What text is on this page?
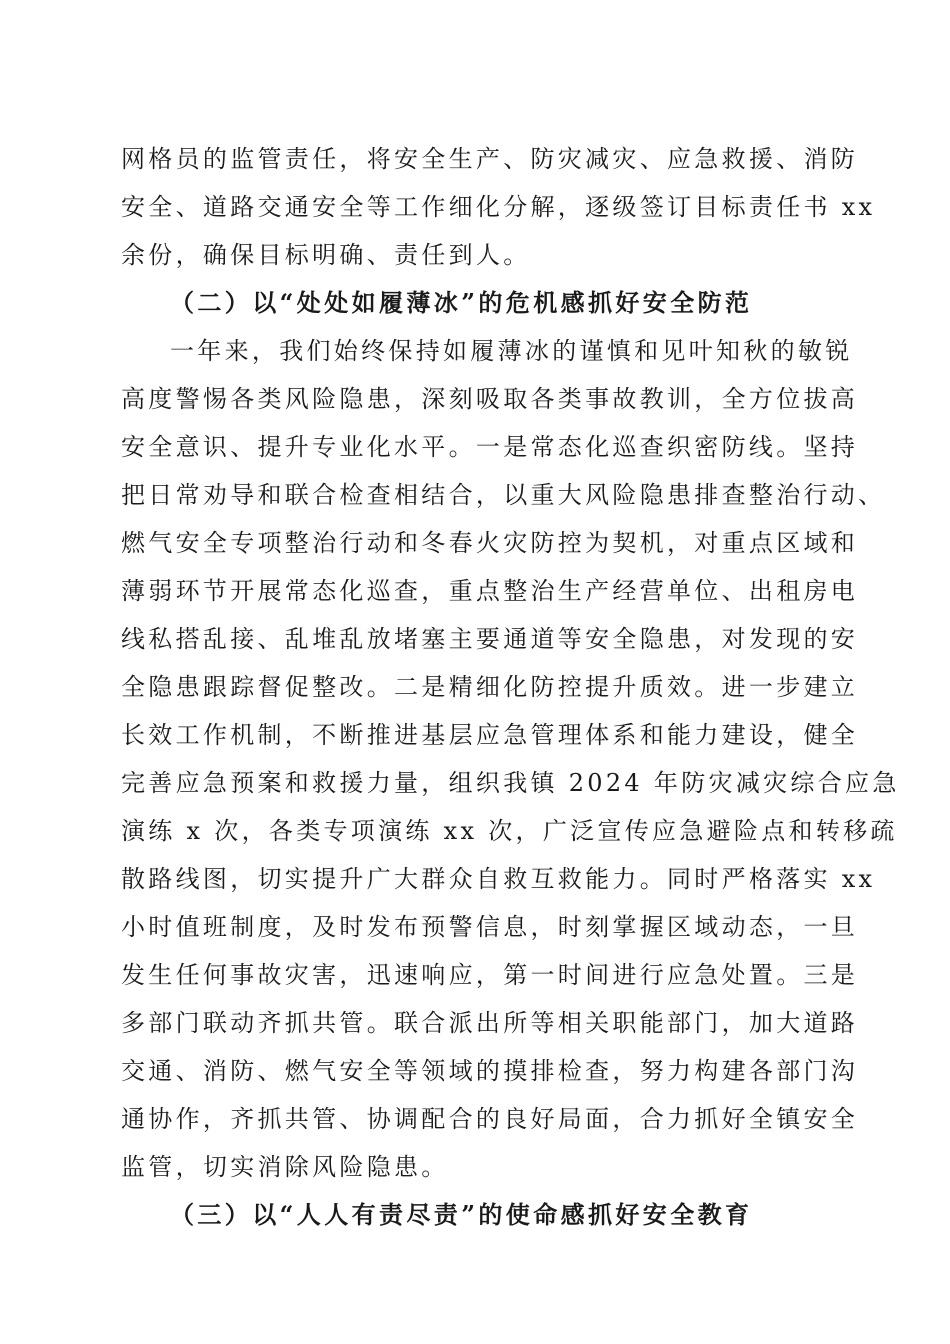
网格员的监管责任，将安全生产、防灾减灾、应急救援、消防
安全、道路交通安全等工作细化分解，逐级签订目标责任书 xx
余份，确保目标明确、责任到人。
（二）以“处处如履薄冰”的危机感抓好安全防范
一年来，我们始终保持如履薄冰的谨慎和见叶知秋的敏锐
高度警惕各类风险隐患，深刻吸取各类事故教训，全方位拔高
安全意识、提升专业化水平。一是常态化巡查织密防线。坚持
把日常劝导和联合检查相结合，以重大风险隐患排查整治行动、
燃气安全专项整治行动和冬春火灾防控为契机，对重点区域和
薄弱环节开展常态化巡查，重点整治生产经营单位、出租房电
线私搭乱接、乱堆乱放堵塞主要通道等安全隐患，对发现的安
全隐患跟踪督促整改。二是精细化防控提升质效。进一步建立
长效工作机制，不断推进基层应急管理体系和能力建设，健全
完善应急预案和救援力量，组织我镇 2024 年防灾减灾综合应急
演练 x 次，各类专项演练 xx 次，广泛宣传应急避险点和转移疏
散路线图，切实提升广大群众自救互救能力。同时严格落实 xx
小时值班制度，及时发布预警信息，时刻掌握区域动态，一旦
发生任何事故灾害，迅速响应，第一时间进行应急处置。三是
多部门联动齐抓共管。联合派出所等相关职能部门，加大道路
交通、消防、燃气安全等领域的摸排检查，努力构建各部门沟
通协作，齐抓共管、协调配合的良好局面，合力抓好全镇安全
监管，切实消除风险隐患。
（三）以“人人有责尽责”的使命感抓好安全教育
